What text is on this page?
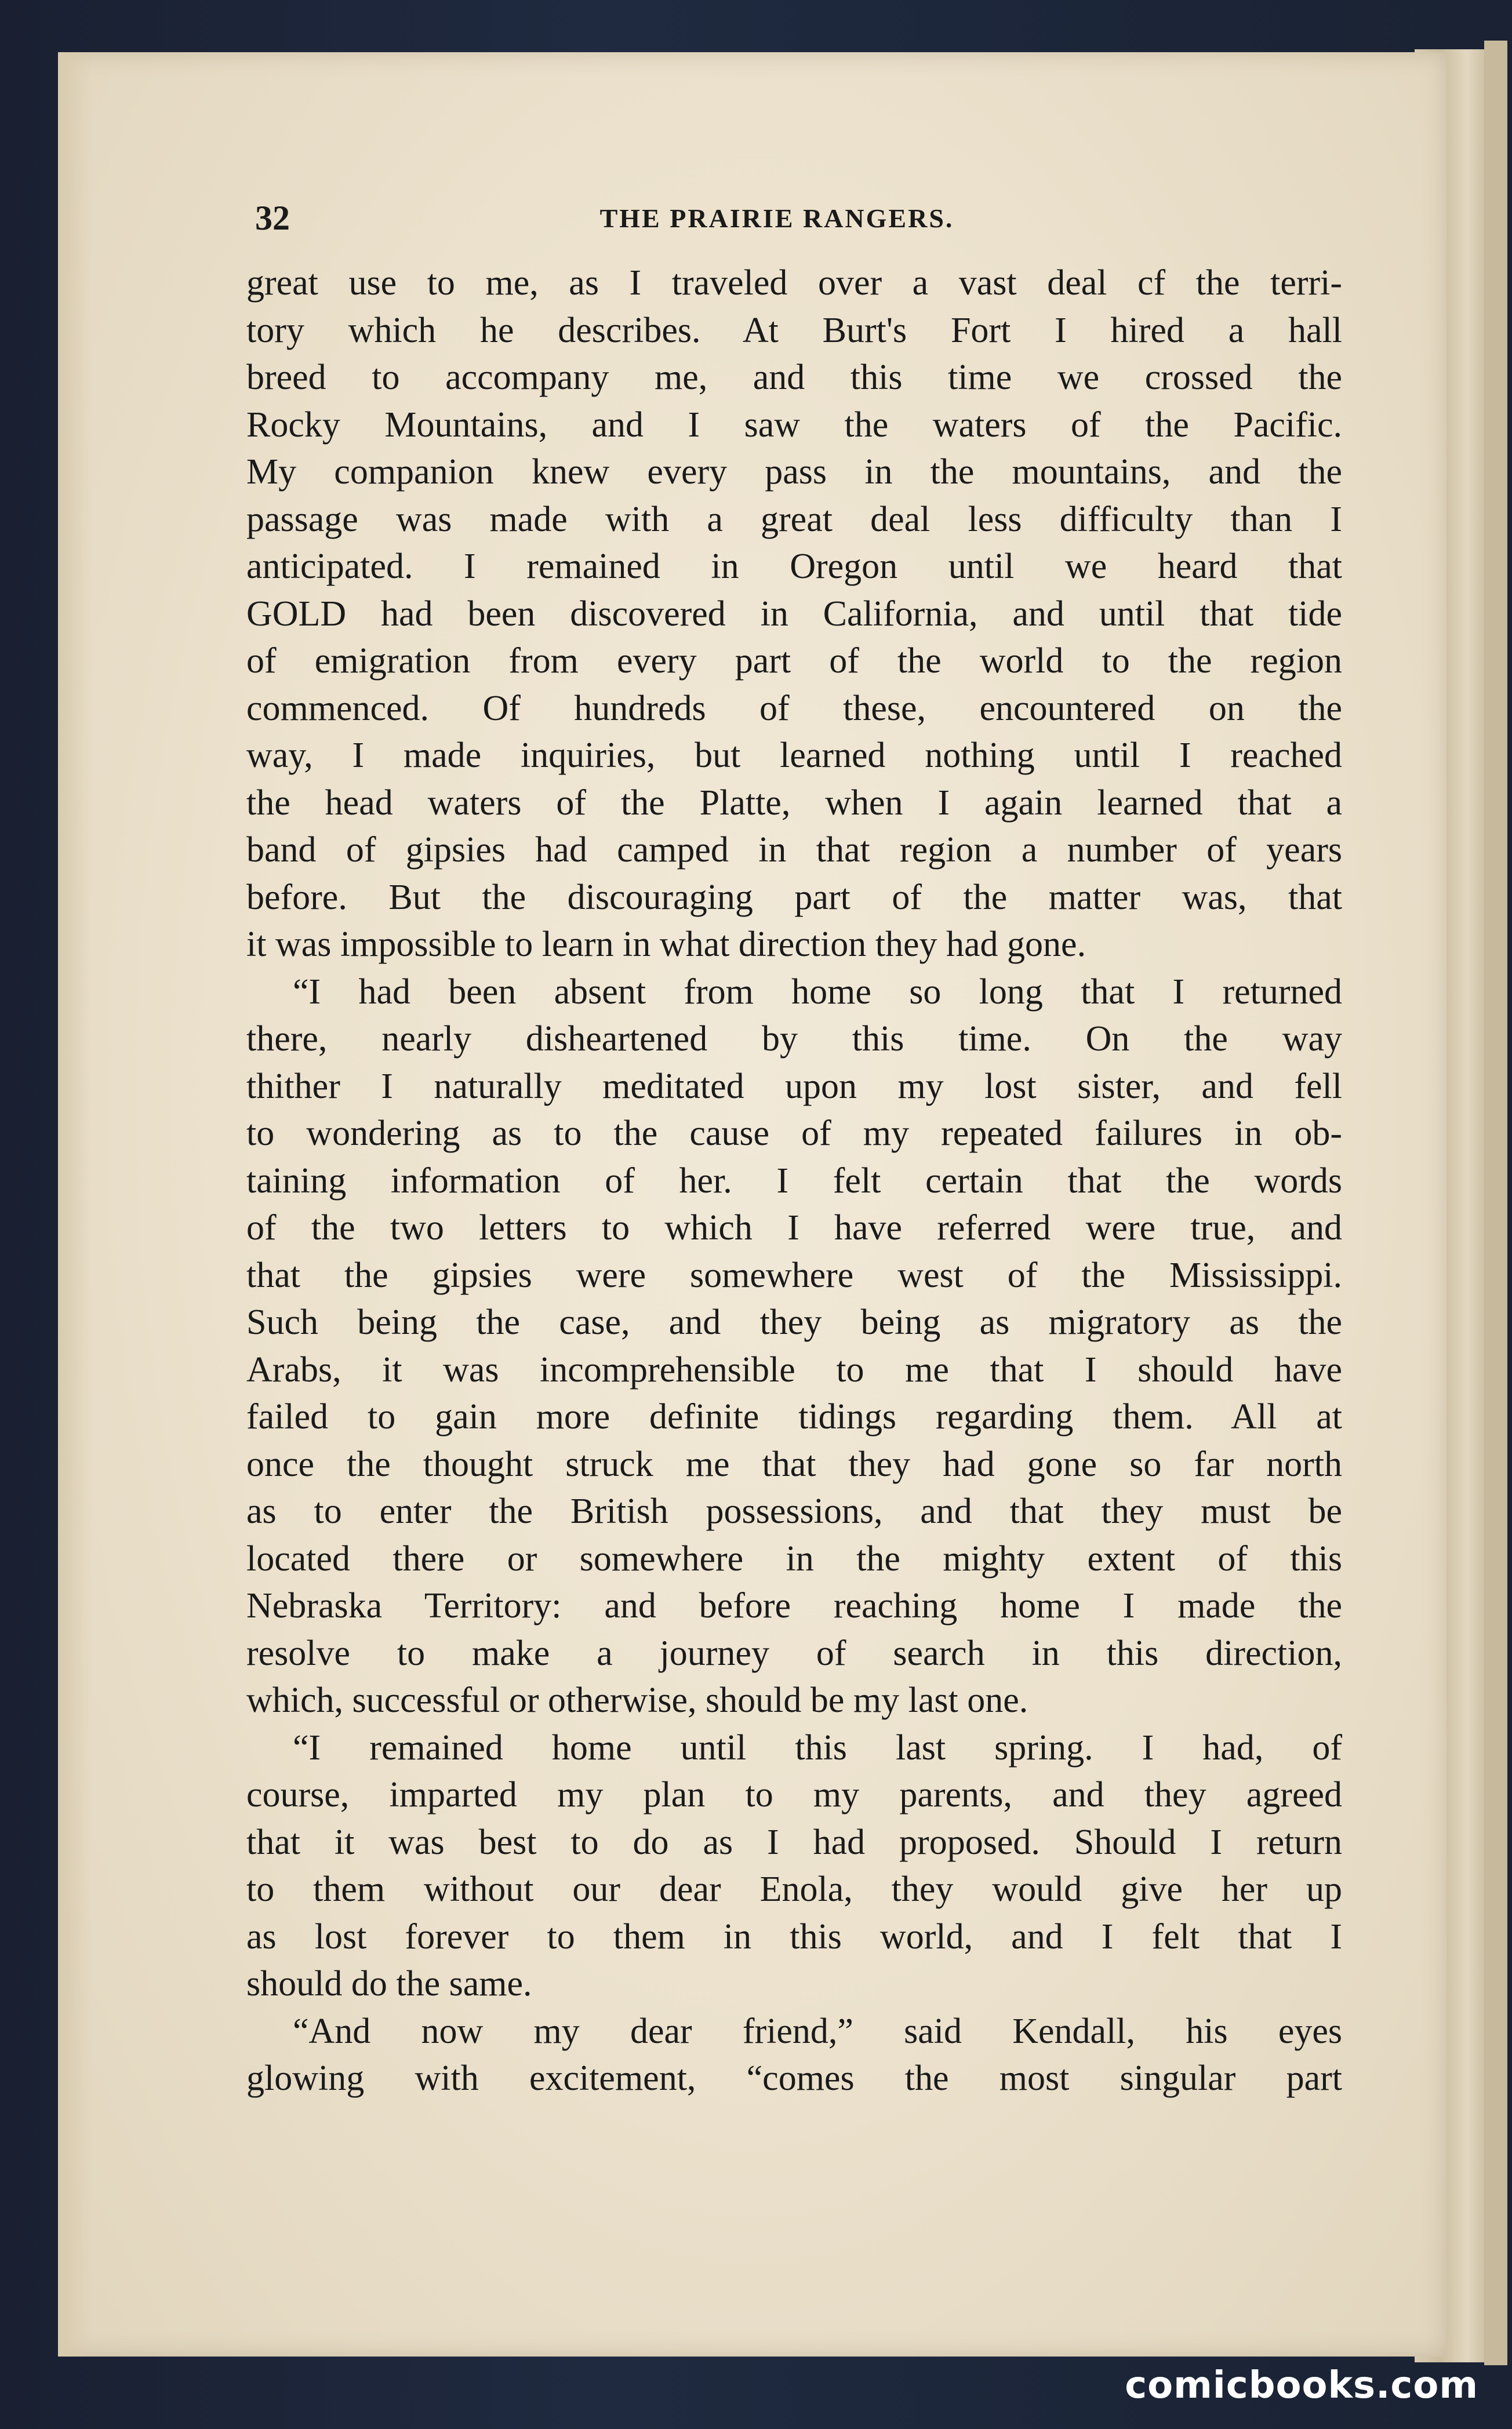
32	THE PRAIRIE RANGERS.
great use to me, as I traveled over a vast deal cf the terri-
tory which he describes. At Burt's Fort I hired a hall
breed to accompany me, and this time we crossed the
Rocky Mountains, and I saw the waters of the Pacific.
My companion knew every pass in the mountains, and the
passage was made with a great deal less difficulty than I
anticipated. I remained in Oregon until we heard that
GOLD had been discovered in California, and until that tide
of emigration from every part of the world to the region
commenced. Of hundreds of these, encountered on the
way, I made inquiries, but learned nothing until I reached
the head waters of the Platte, when I again learned that a
band of gipsies had camped in that region a number of years
before. But the discouraging part of the matter was, that
it was impossible to learn in what direction they had gone.
“I had been absent from home so long that I returned
there, nearly disheartened by this time. On the way
thither I naturally meditated upon my lost sister, and fell
to wondering as to the cause of my repeated failures in ob-
taining information of her. I felt certain that the words
of the two letters to which I have referred were true, and
that the gipsies were somewhere west of the Mississippi.
Such being the case, and they being as migratory as the
Arabs, it was incomprehensible to me that I should have
failed to gain more definite tidings regarding them. All at
once the thought struck me that they had gone so far north
as to enter the British possessions, and that they must be
located there or somewhere in the mighty extent of this
Nebraska Territory: and before reaching home I made the
resolve to make a journey of search in this direction,
which, successful or otherwise, should be my last one.
“I remained home until this last spring. I had, of
course, imparted my plan to my parents, and they agreed
that it was best to do as I had proposed. Should I return
to them without our dear Enola, they would give her up
as lost forever to them in this world, and I felt that I
should do the same.
“And now my dear friend,” said Kendall, his eyes
glowing with excitement, “comes the most singular part
comicbooks.com
